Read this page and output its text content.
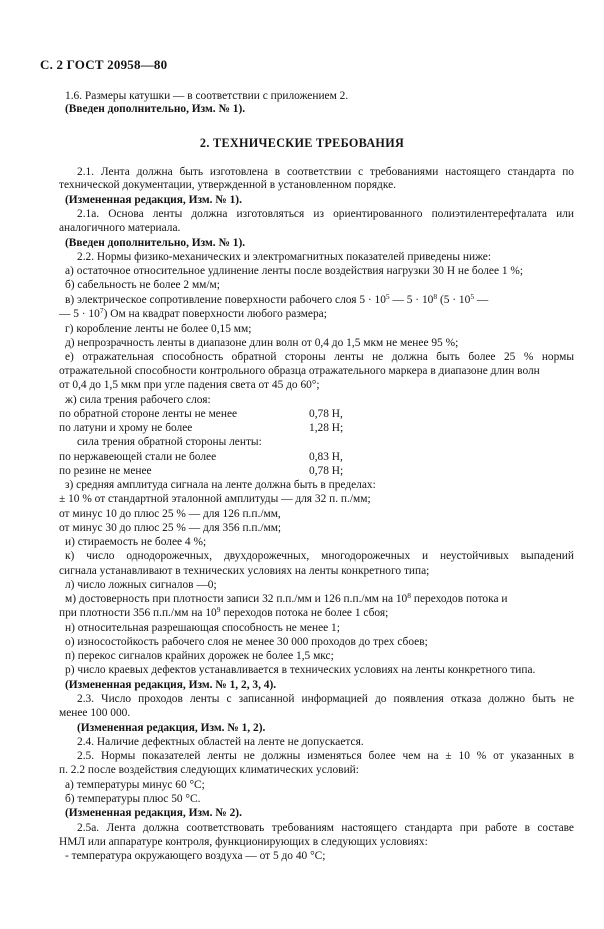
С. 2 ГОСТ 20958—80
1.6. Размеры катушки — в соответствии с приложением 2.
(Введен дополнительно, Изм. № 1).
2. ТЕХНИЧЕСКИЕ ТРЕБОВАНИЯ
2.1. Лента должна быть изготовлена в соответствии с требованиями настоящего стандарта по
технической документации, утвержденной в установленном порядке.
(Измененная редакция, Изм. № 1).
2.1а. Основа ленты должна изготовляться из ориентированного полиэтилентерефталата или
аналогичного материала.
(Введен дополнительно, Изм. № 1).
2.2. Нормы физико-механических и электромагнитных показателей приведены ниже:
а) остаточное относительное удлинение ленты после воздействия нагрузки 30 Н не более 1 %;
б) сабельность не более 2 мм/м;
в) электрическое сопротивление поверхности рабочего слоя $5 \cdot 10^5$ — $5 \cdot 10^8$ ($5 \cdot 10^5$ —
— $5 \cdot 10^7$) Ом на квадрат поверхности любого размера;
г) коробление ленты не более 0,15 мм;
д) непрозрачность ленты в диапазоне длин волн от 0,4 до 1,5 мкм не менее 95 %;
е) отражательная способность обратной стороны ленты не должна быть более 25 % нормы
отражательной способности контрольного образца отражательного маркера в диапазоне длин волн
от 0,4 до 1,5 мкм при угле падения света от 45 до 60°;
ж) сила трения рабочего слоя:
по обратной стороне ленты не менее	0,78 Н,
по латуни и хрому не более	1,28 Н;
сила трения обратной стороны ленты:
по нержавеющей стали не более	0,83 Н,
по резине не менее	0,78 Н;
з) средняя амплитуда сигнала на ленте должна быть в пределах:
± 10 % от стандартной эталонной амплитуды — для 32 п. п./мм;
от минус 10 до плюс 25 % — для 126 п.п./мм,
от минус 30 до плюс 25 % — для 356 п.п./мм;
и) стираемость не более 4 %;
к) число однодорожечных, двухдорожечных, многодорожечных и неустойчивых выпадений
сигнала устанавливают в технических условиях на ленты конкретного типа;
л) число ложных сигналов —0;
м) достоверность при плотности записи 32 п.п./мм и 126 п.п./мм на $10^8$ переходов потока и
при плотности 356 п.п./мм на $10^9$ переходов потока не более 1 сбоя;
н) относительная разрешающая способность не менее 1;
о) износостойкость рабочего слоя не менее 30 000 проходов до трех сбоев;
п) перекос сигналов крайних дорожек не более 1,5 мкс;
р) число краевых дефектов устанавливается в технических условиях на ленты конкретного типа.
(Измененная редакция, Изм. № 1, 2, 3, 4).
2.3. Число проходов ленты с записанной информацией до появления отказа должно быть не
менее 100 000.
(Измененная редакция, Изм. № 1, 2).
2.4. Наличие дефектных областей на ленте не допускается.
2.5. Нормы показателей ленты не должны изменяться более чем на ± 10 % от указанных в
п. 2.2 после воздействия следующих климатических условий:
а) температуры минус 60 °С;
б) температуры плюс 50 °С.
(Измененная редакция, Изм. № 2).
2.5а. Лента должна соответствовать требованиям настоящего стандарта при работе в составе
НМЛ или аппаратуре контроля, функционирующих в следующих условиях:
- температура окружающего воздуха — от 5 до 40 °С;
